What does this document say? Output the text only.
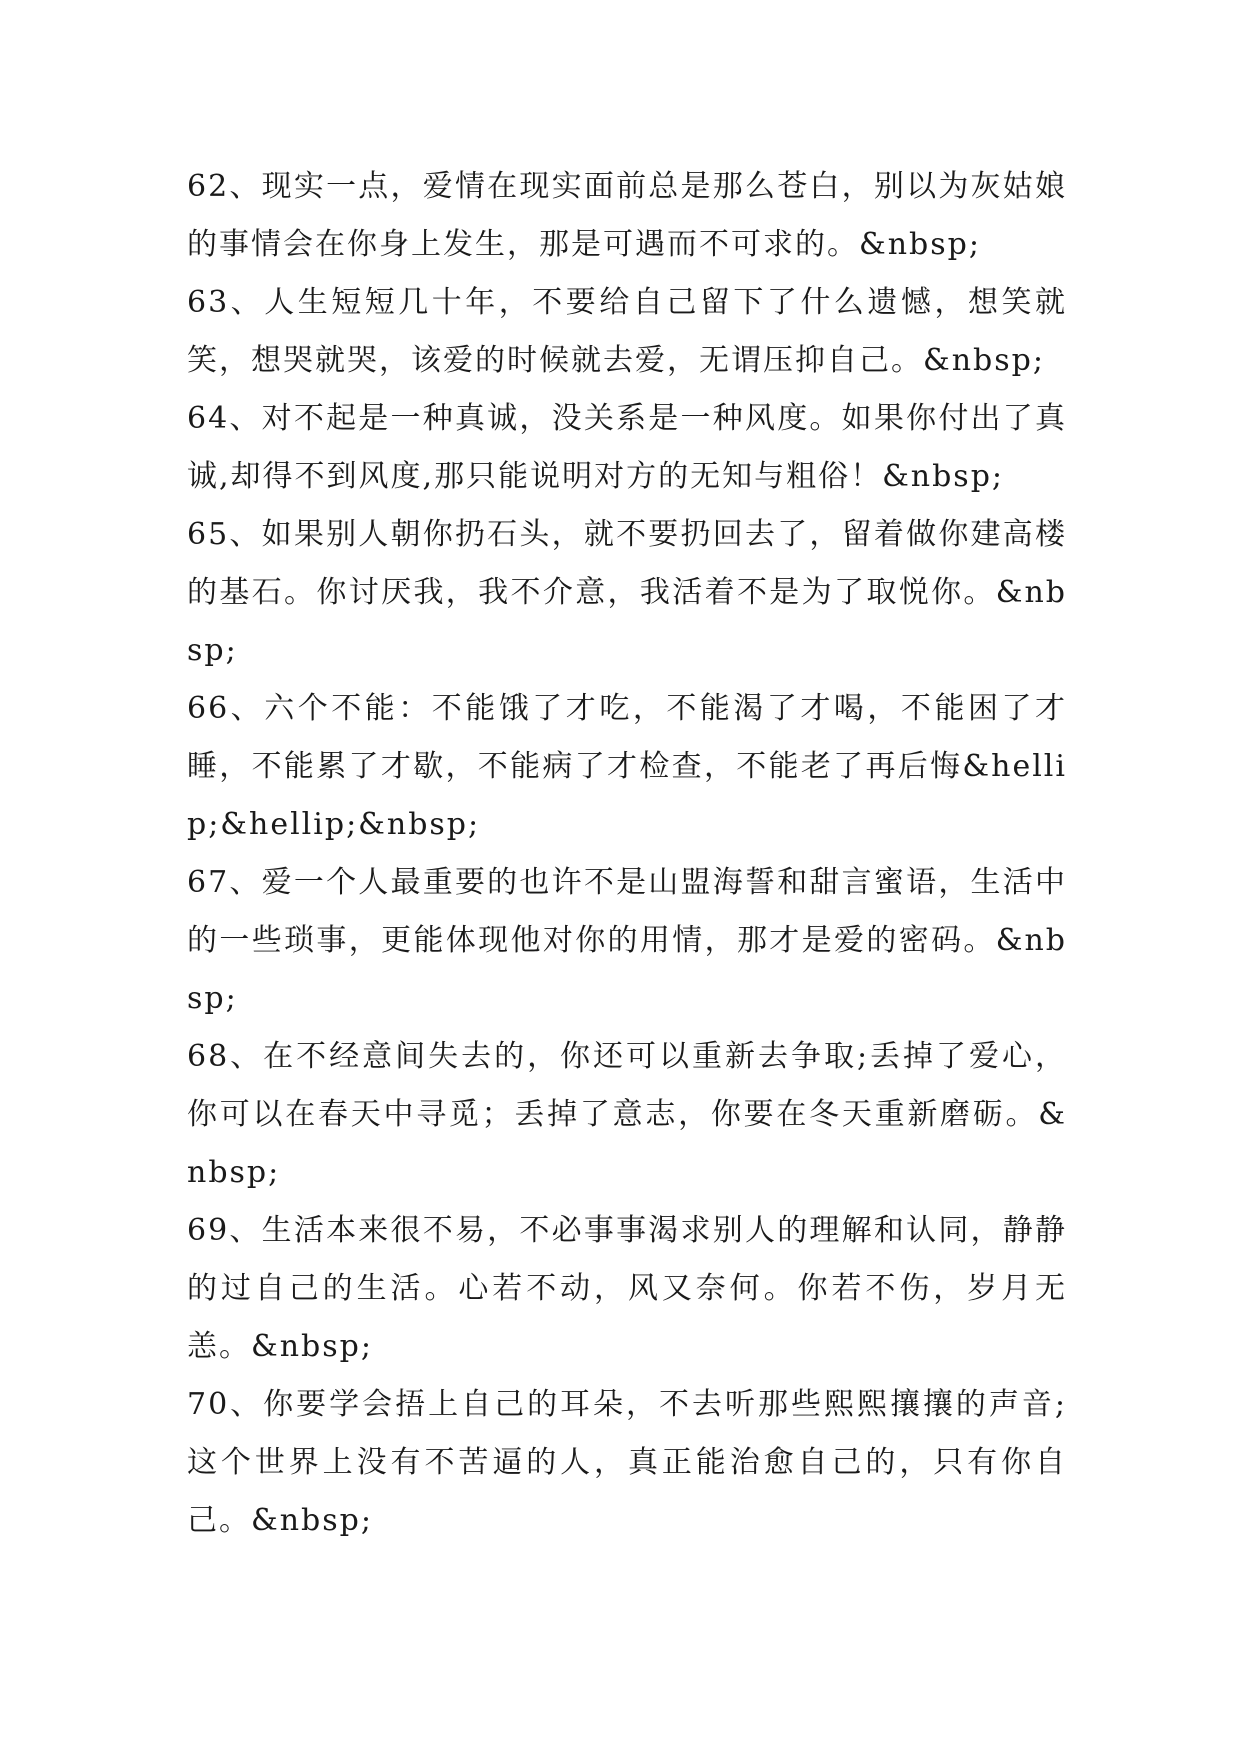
62、现实一点，爱情在现实面前总是那么苍白，别以为灰姑娘的事情会在你身上发生，那是可遇而不可求的。&nbsp;

63、人生短短几十年，不要给自己留下了什么遗憾，想笑就笑，想哭就哭，该爱的时候就去爱，无谓压抑自己。&nbsp;

64、对不起是一种真诚，没关系是一种风度。如果你付出了真诚,却得不到风度,那只能说明对方的无知与粗俗！&nbsp;

65、如果别人朝你扔石头，就不要扔回去了，留着做你建高楼的基石。你讨厌我，我不介意，我活着不是为了取悦你。&nbsp;

66、六个不能：不能饿了才吃，不能渴了才喝，不能困了才睡，不能累了才歇，不能病了才检查，不能老了再后悔&hellip;&hellip;&nbsp;

67、爱一个人最重要的也许不是山盟海誓和甜言蜜语，生活中的一些琐事，更能体现他对你的用情，那才是爱的密码。&nbsp;

68、在不经意间失去的，你还可以重新去争取;丢掉了爱心，你可以在春天中寻觅；丢掉了意志，你要在冬天重新磨砺。&nbsp;

69、生活本来很不易，不必事事渴求别人的理解和认同，静静的过自己的生活。心若不动，风又奈何。你若不伤，岁月无恙。&nbsp;

70、你要学会捂上自己的耳朵，不去听那些熙熙攘攘的声音;这个世界上没有不苦逼的人，真正能治愈自己的，只有你自己。&nbsp;
